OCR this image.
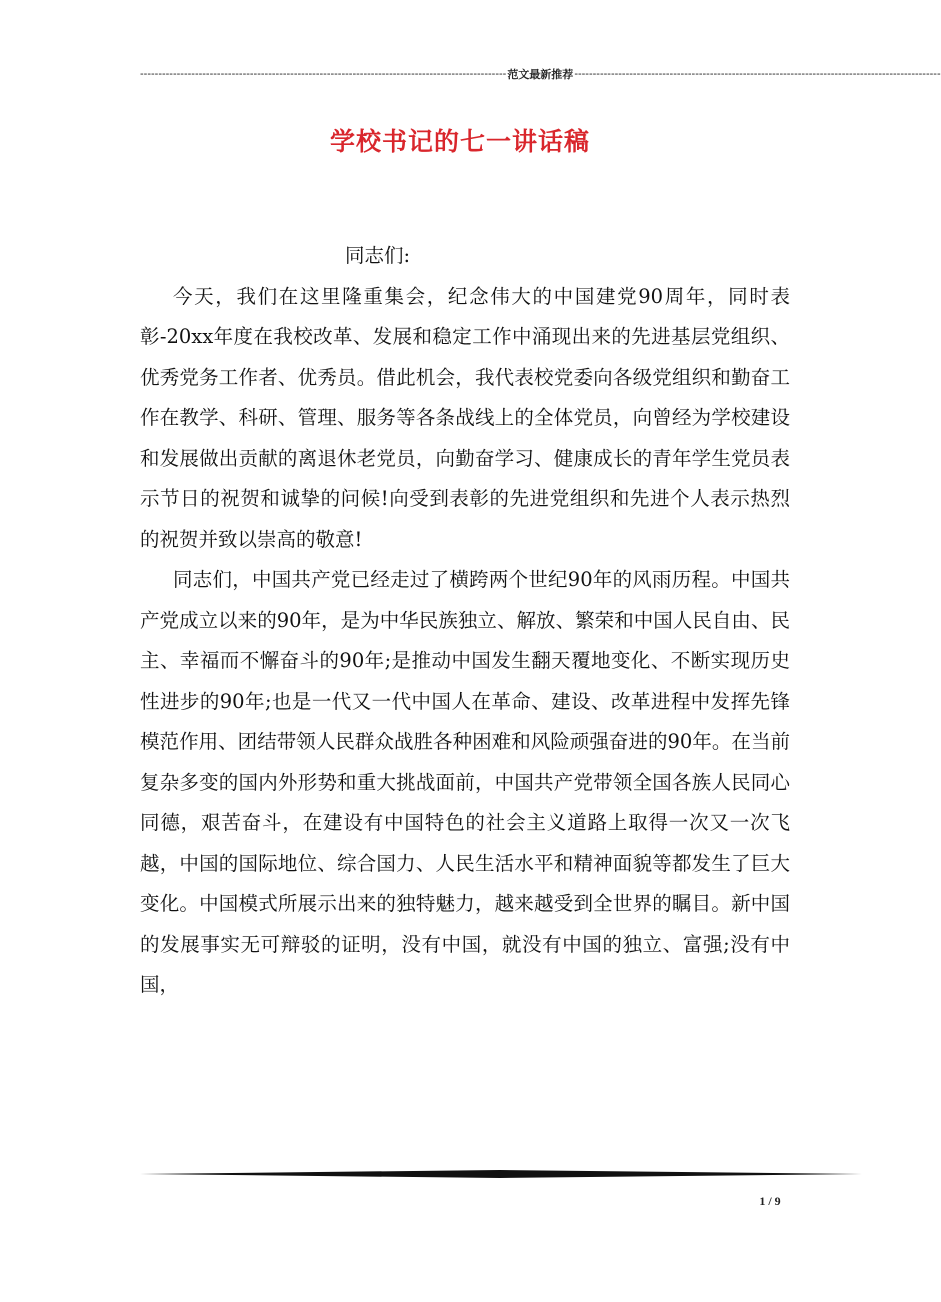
---------------------------------------------------------------------------------------------------- 范文最新推荐 ----------------------------------------------------------------------------------------------------
学校书记的七一讲话稿

同志们:

今天，我们在这里隆重集会，纪念伟大的中国建党90周年，同时表彰-20xx年度在我校改革、发展和稳定工作中涌现出来的先进基层党组织、优秀党务工作者、优秀员。借此机会，我代表校党委向各级党组织和勤奋工作在教学、科研、管理、服务等各条战线上的全体党员，向曾经为学校建设和发展做出贡献的离退休老党员，向勤奋学习、健康成长的青年学生党员表示节日的祝贺和诚挚的问候!向受到表彰的先进党组织和先进个人表示热烈的祝贺并致以崇高的敬意!

同志们，中国共产党已经走过了横跨两个世纪90年的风雨历程。中国共产党成立以来的90年，是为中华民族独立、解放、繁荣和中国人民自由、民主、幸福而不懈奋斗的90年;是推动中国发生翻天覆地变化、不断实现历史性进步的90年;也是一代又一代中国人在革命、建设、改革进程中发挥先锋模范作用、团结带领人民群众战胜各种困难和风险顽强奋进的90年。在当前复杂多变的国内外形势和重大挑战面前，中国共产党带领全国各族人民同心同德，艰苦奋斗，在建设有中国特色的社会主义道路上取得一次又一次飞越，中国的国际地位、综合国力、人民生活水平和精神面貌等都发生了巨大变化。中国模式所展示出来的独特魅力，越来越受到全世界的瞩目。新中国的发展事实无可辩驳的证明，没有中国，就没有中国的独立、富强;没有中国，

1 / 9
